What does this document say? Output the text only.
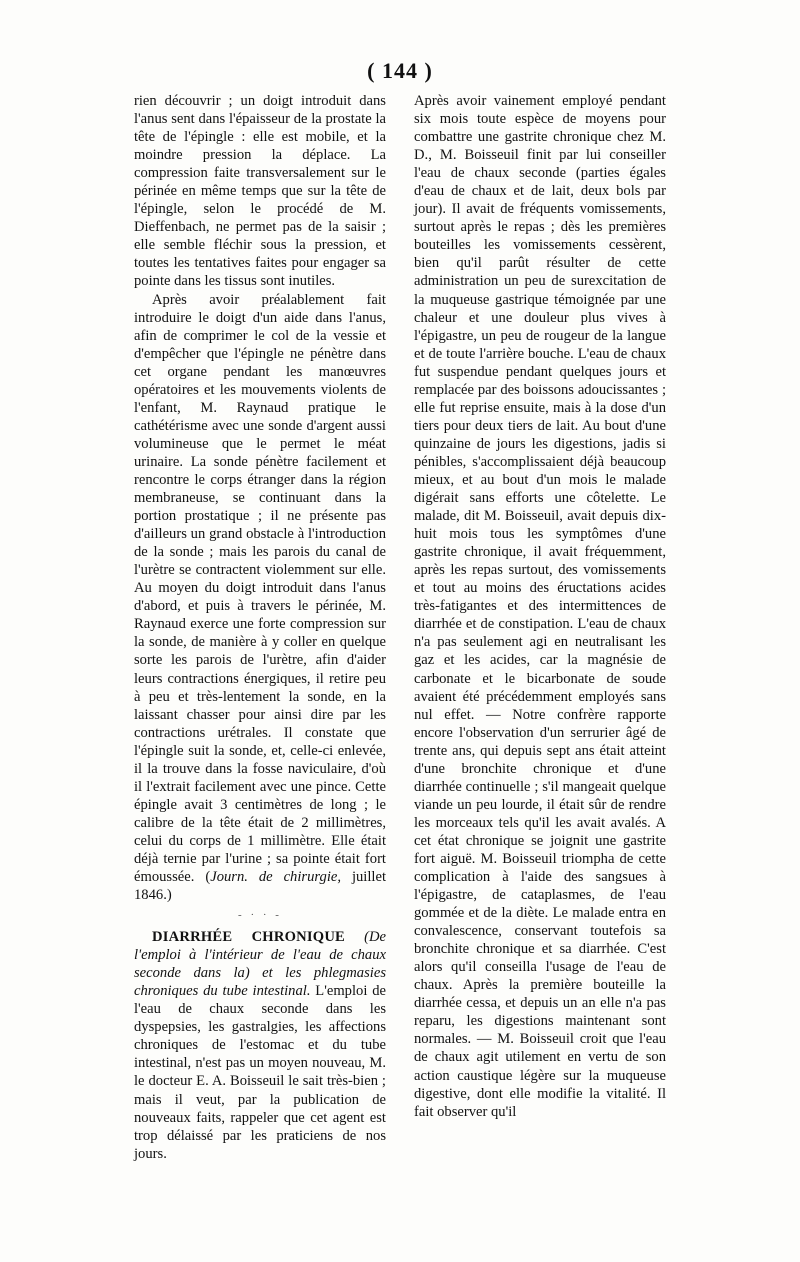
( 144 )

rien découvrir ; un doigt introduit dans l'anus sent dans l'épaisseur de la prostate la tête de l'épingle : elle est mobile, et la moindre pression la déplace. La compression faite transversalement sur le périnée en même temps que sur la tête de l'épingle, selon le procédé de M. Dieffenbach, ne permet pas de la saisir ; elle semble fléchir sous la pression, et toutes les tentatives faites pour engager sa pointe dans les tissus sont inutiles.

Après avoir préalablement fait introduire le doigt d'un aide dans l'anus, afin de comprimer le col de la vessie et d'empêcher que l'épingle ne pénètre dans cet organe pendant les manœuvres opératoires et les mouvements violents de l'enfant, M. Raynaud pratique le cathétérisme avec une sonde d'argent aussi volumineuse que le permet le méat urinaire. La sonde pénètre facilement et rencontre le corps étranger dans la région membraneuse, se continuant dans la portion prostatique ; il ne présente pas d'ailleurs un grand obstacle à l'introduction de la sonde ; mais les parois du canal de l'urètre se contractent violemment sur elle. Au moyen du doigt introduit dans l'anus d'abord, et puis à travers le périnée, M. Raynaud exerce une forte compression sur la sonde, de manière à y coller en quelque sorte les parois de l'urètre, afin d'aider leurs contractions énergiques, il retire peu à peu et très-lentement la sonde, en la laissant chasser pour ainsi dire par les contractions urétrales. Il constate que l'épingle suit la sonde, et, celle-ci enlevée, il la trouve dans la fosse naviculaire, d'où il l'extrait facilement avec une pince. Cette épingle avait 3 centimètres de long ; le calibre de la tête était de 2 millimètres, celui du corps de 1 millimètre. Elle était déjà ternie par l'urine ; sa pointe était fort émoussée. (Journ. de chirurgie, juillet 1846.)

- · · -

DIARRHÉE CHRONIQUE (De l'emploi à l'intérieur de l'eau de chaux seconde dans la) et les phlegmasies chroniques du tube intestinal. L'emploi de l'eau de chaux seconde dans les dyspepsies, les gastralgies, les affections chroniques de l'estomac et du tube intestinal, n'est pas un moyen nouveau, M. le docteur E. A. Boisseuil le sait très-bien ; mais il veut, par la publication de nouveaux faits, rappeler que cet agent est trop délaissé par les praticiens de nos jours.

Après avoir vainement employé pendant six mois toute espèce de moyens pour combattre une gastrite chronique chez M. D., M. Boisseuil finit par lui conseiller l'eau de chaux seconde (parties égales d'eau de chaux et de lait, deux bols par jour). Il avait de fréquents vomissements, surtout après le repas ; dès les premières bouteilles les vomissements cessèrent, bien qu'il parût résulter de cette administration un peu de surexcitation de la muqueuse gastrique témoignée par une chaleur et une douleur plus vives à l'épigastre, un peu de rougeur de la langue et de toute l'arrière bouche. L'eau de chaux fut suspendue pendant quelques jours et remplacée par des boissons adoucissantes ; elle fut reprise ensuite, mais à la dose d'un tiers pour deux tiers de lait. Au bout d'une quinzaine de jours les digestions, jadis si pénibles, s'accomplissaient déjà beaucoup mieux, et au bout d'un mois le malade digérait sans efforts une côtelette. Le malade, dit M. Boisseuil, avait depuis dix-huit mois tous les symptômes d'une gastrite chronique, il avait fréquemment, après les repas surtout, des vomissements et tout au moins des éructations acides très-fatigantes et des intermittences de diarrhée et de constipation. L'eau de chaux n'a pas seulement agi en neutralisant les gaz et les acides, car la magnésie de carbonate et le bicarbonate de soude avaient été précédemment employés sans nul effet. — Notre confrère rapporte encore l'observation d'un serrurier âgé de trente ans, qui depuis sept ans était atteint d'une bronchite chronique et d'une diarrhée continuelle ; s'il mangeait quelque viande un peu lourde, il était sûr de rendre les morceaux tels qu'il les avait avalés. A cet état chronique se joignit une gastrite fort aiguë. M. Boisseuil triompha de cette complication à l'aide des sangsues à l'épigastre, de cataplasmes, de l'eau gommée et de la diète. Le malade entra en convalescence, conservant toutefois sa bronchite chronique et sa diarrhée. C'est alors qu'il conseilla l'usage de l'eau de chaux. Après la première bouteille la diarrhée cessa, et depuis un an elle n'a pas reparu, les digestions maintenant sont normales. — M. Boisseuil croit que l'eau de chaux agit utilement en vertu de son action caustique légère sur la muqueuse digestive, dont elle modifie la vitalité. Il fait observer qu'il
